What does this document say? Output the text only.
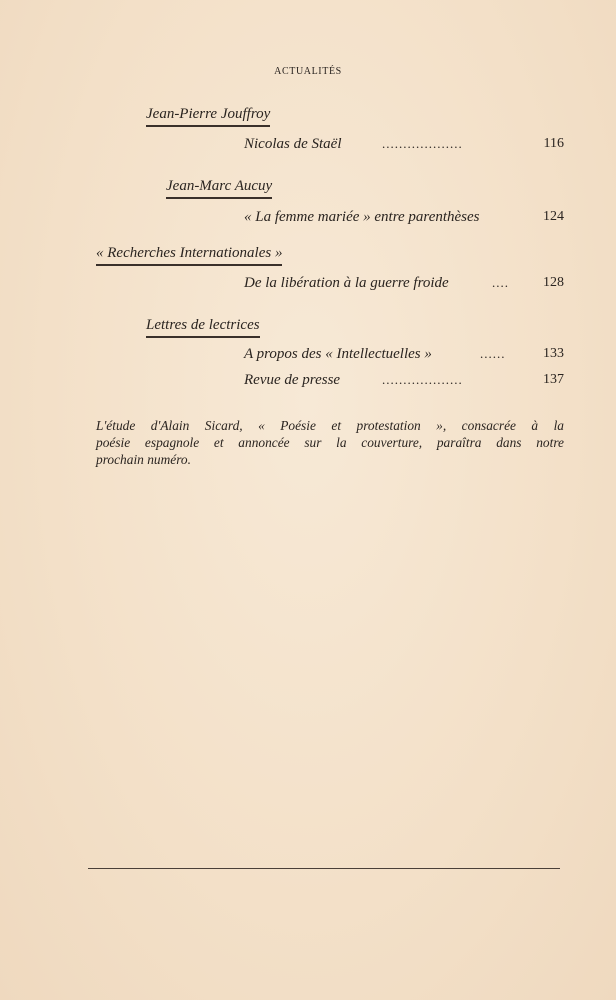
ACTUALITÉS
Jean-Pierre Jouffroy
Nicolas de Staël	...................	116
Jean-Marc Aucuy
« La femme mariée » entre parenthèses	124
« Recherches Internationales »
De la libération à la guerre froide	.... 128
Lettres de lectrices
A propos des « Intellectuelles »	......	133
Revue de presse	...................	137
L'étude d'Alain Sicard, « Poésie et protestation », consacrée à la
poésie espagnole et annoncée sur la couverture, paraîtra dans notre
prochain numéro.
